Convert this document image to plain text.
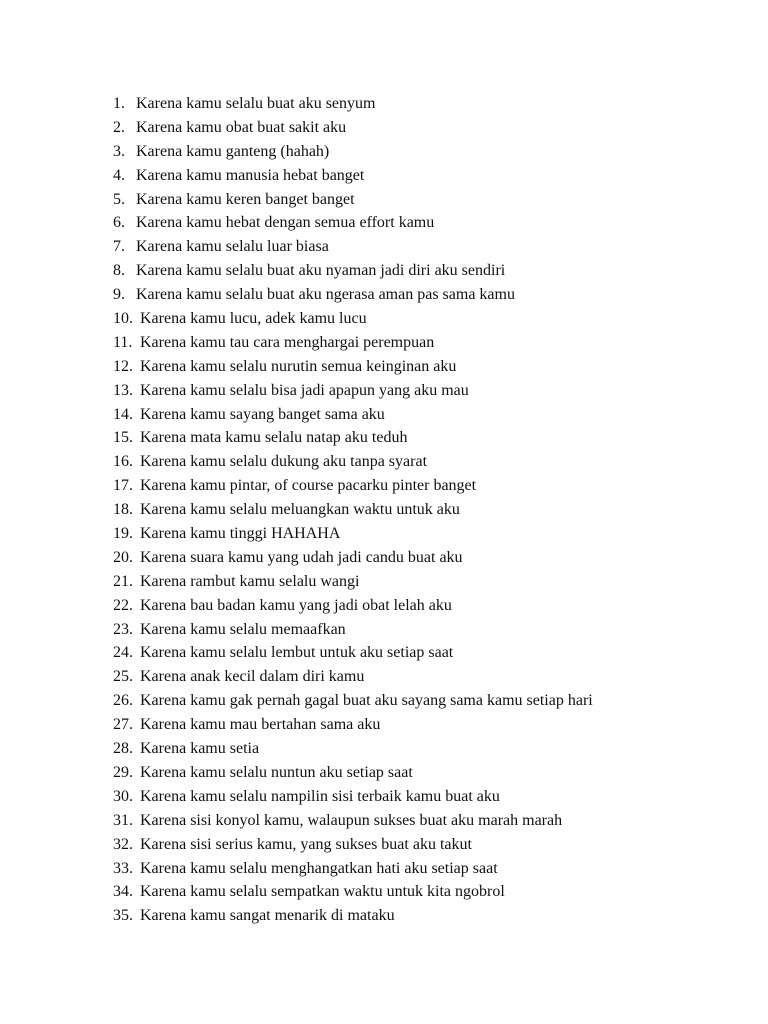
1. Karena kamu selalu buat aku senyum
2. Karena kamu obat buat sakit aku
3. Karena kamu ganteng (hahah)
4. Karena kamu manusia hebat banget
5. Karena kamu keren banget banget
6. Karena kamu hebat dengan semua effort kamu
7. Karena kamu selalu luar biasa
8. Karena kamu selalu buat aku nyaman jadi diri aku sendiri
9. Karena kamu selalu buat aku ngerasa aman pas sama kamu
10. Karena kamu lucu, adek kamu lucu
11. Karena kamu tau cara menghargai perempuan
12. Karena kamu selalu nurutin semua keinginan aku
13. Karena kamu selalu bisa jadi apapun yang aku mau
14. Karena kamu sayang banget sama aku
15. Karena mata kamu selalu natap aku teduh
16. Karena kamu selalu dukung aku tanpa syarat
17. Karena kamu pintar, of course pacarku pinter banget
18. Karena kamu selalu meluangkan waktu untuk aku
19. Karena kamu tinggi HAHAHA
20. Karena suara kamu yang udah jadi candu buat aku
21. Karena rambut kamu selalu wangi
22. Karena bau badan kamu yang jadi obat lelah aku
23. Karena kamu selalu memaafkan
24. Karena kamu selalu lembut untuk aku setiap saat
25. Karena anak kecil dalam diri kamu
26. Karena kamu gak pernah gagal buat aku sayang sama kamu setiap hari
27. Karena kamu mau bertahan sama aku
28. Karena kamu setia
29. Karena kamu selalu nuntun aku setiap saat
30. Karena kamu selalu nampilin sisi terbaik kamu buat aku
31. Karena sisi konyol kamu, walaupun sukses buat aku marah marah
32. Karena sisi serius kamu, yang sukses buat aku takut
33. Karena kamu selalu menghangatkan hati aku setiap saat
34. Karena kamu selalu sempatkan waktu untuk kita ngobrol
35. Karena kamu sangat menarik di mataku
